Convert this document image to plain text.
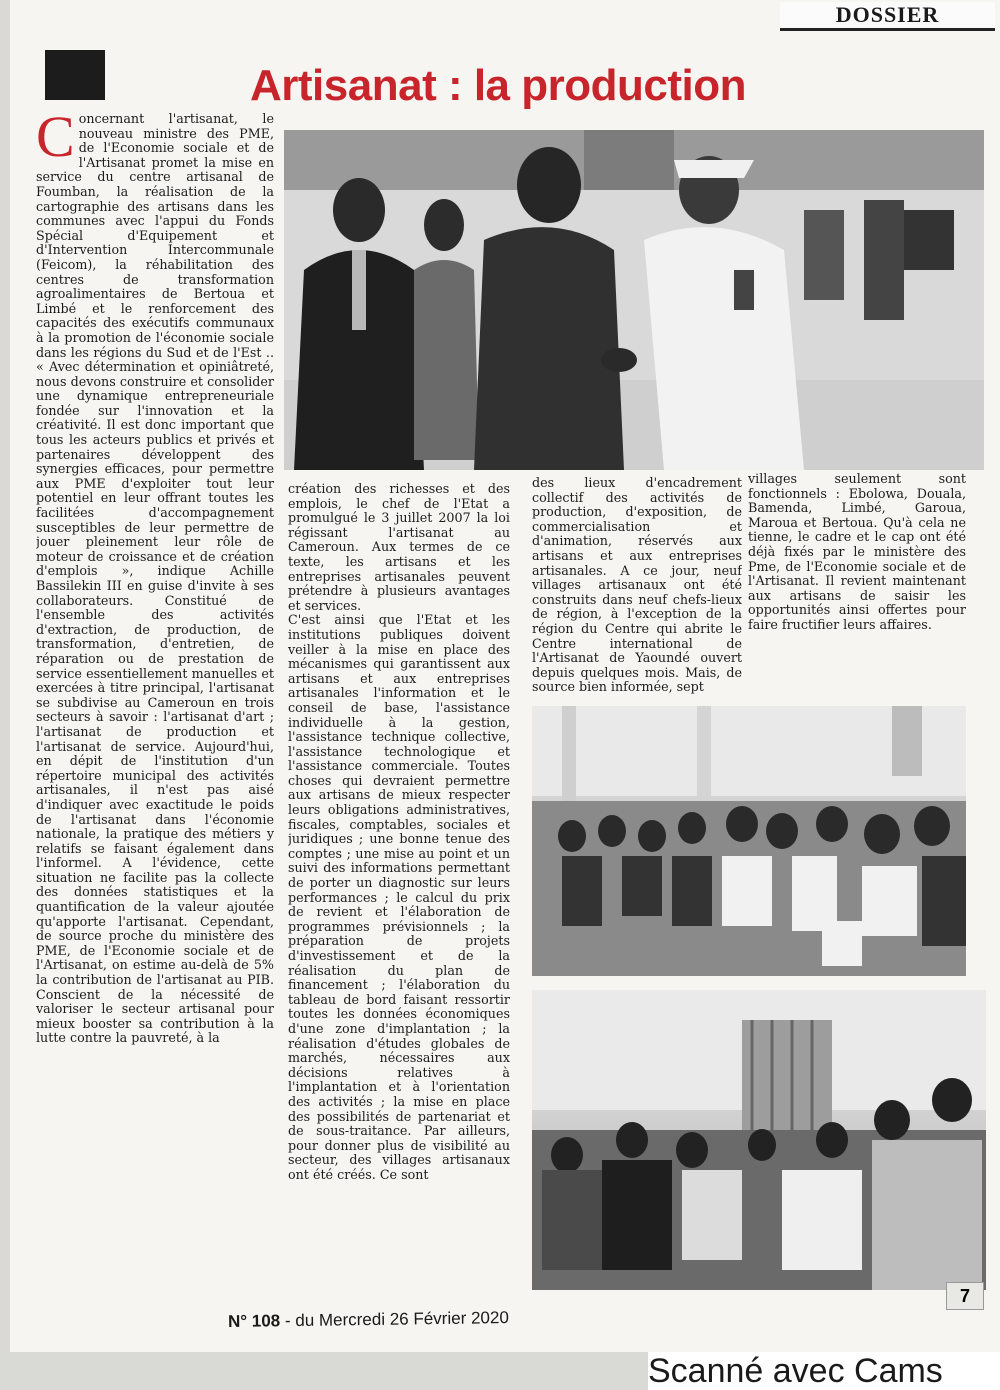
DOSSIER
Artisanat : la production
Concernant l'artisanat, le nouveau ministre des PME, de l'Economie sociale et de l'Artisanat promet la mise en service du centre artisanal de Foumban, la réalisation de la cartographie des artisans dans les communes avec l'appui du Fonds Spécial d'Equipement et d'Intervention Intercommunale (Feicom), la réhabilitation des centres de transformation agroalimentaires de Bertoua et Limbé et le renforcement des capacités des exécutifs communaux à la promotion de l'économie sociale dans les régions du Sud et de l'Est .. « Avec détermination et opiniâtreté, nous devons construire et consolider une dynamique entrepreneuriale fondée sur l'innovation et la créativité. Il est donc important que tous les acteurs publics et privés et partenaires développent des synergies efficaces, pour permettre aux PME d'exploiter tout leur potentiel en leur offrant toutes les facilitées d'accompagnement susceptibles de leur permettre de jouer pleinement leur rôle de moteur de croissance et de création d'emplois », indique Achille Bassilekin III en guise d'invite à ses collaborateurs. Constitué de l'ensemble des activités d'extraction, de production, de transformation, d'entretien, de réparation ou de prestation de service essentiellement manuelles et exercées à titre principal, l'artisanat se subdivise au Cameroun en trois secteurs à savoir : l'artisanat d'art ; l'artisanat de production et l'artisanat de service. Aujourd'hui, en dépit de l'institution d'un répertoire municipal des activités artisanales, il n'est pas aisé d'indiquer avec exactitude le poids de l'artisanat dans l'économie nationale, la pratique des métiers y relatifs se faisant également dans l'informel. A l'évidence, cette situation ne facilite pas la collecte des données statistiques et la quantification de la valeur ajoutée qu'apporte l'artisanat. Cependant, de source proche du ministère des PME, de l'Economie sociale et de l'Artisanat, on estime au-delà de 5% la contribution de l'artisanat au PIB. Conscient de la nécessité de valoriser le secteur artisanal pour mieux booster sa contribution à la lutte contre la pauvreté, à la

création des richesses et des emplois, le chef de l'Etat a promulgué le 3 juillet 2007 la loi régissant l'artisanat au Cameroun. Aux termes de ce texte, les artisans et les entreprises artisanales peuvent prétendre à plusieurs avantages et services.

C'est ainsi que l'Etat et les institutions publiques doivent veiller à la mise en place des mécanismes qui garantissent aux artisans et aux entreprises artisanales l'information et le conseil de base, l'assistance individuelle à la gestion, l'assistance technique collective, l'assistance technologique et l'assistance commerciale. Toutes choses qui devraient permettre aux artisans de mieux respecter leurs obligations administratives, fiscales, comptables, sociales et juridiques ; une bonne tenue des comptes ; une mise au point et un suivi des informations permettant de porter un diagnostic sur leurs performances ; le calcul du prix de revient et l'élaboration de programmes prévisionnels ; la préparation de projets d'investissement et de la réalisation du plan de financement ; l'élaboration du tableau de bord faisant ressortir toutes les données économiques d'une zone d'implantation ; la réalisation d'études globales de marchés, nécessaires aux décisions relatives à l'implantation et à l'orientation des activités ; la mise en place des possibilités de partenariat et de sous-traitance. Par ailleurs, pour donner plus de visibilité au secteur, des villages artisanaux ont été créés. Ce sont

des lieux d'encadrement collectif des activités de production, d'exposition, de commercialisation et d'animation, réservés aux artisans et aux entreprises artisanales. A ce jour, neuf villages artisanaux ont été construits dans neuf chefs-lieux de région, à l'exception de la région du Centre qui abrite le Centre international de l'Artisanat de Yaoundé ouvert depuis quelques mois. Mais, de source bien informée, sept

villages seulement sont fonctionnels : Ebolowa, Douala, Bamenda, Limbé, Garoua, Maroua et Bertoua. Qu'à cela ne tienne, le cadre et le cap ont été déjà fixés par le ministère des Pme, de l'Economie sociale et de l'Artisanat. Il revient maintenant aux artisans de saisir les opportunités ainsi offertes pour faire fructifier leurs affaires.

N° 108 - du Mercredi 26 Février 2020
7
Scanné avec Cams
